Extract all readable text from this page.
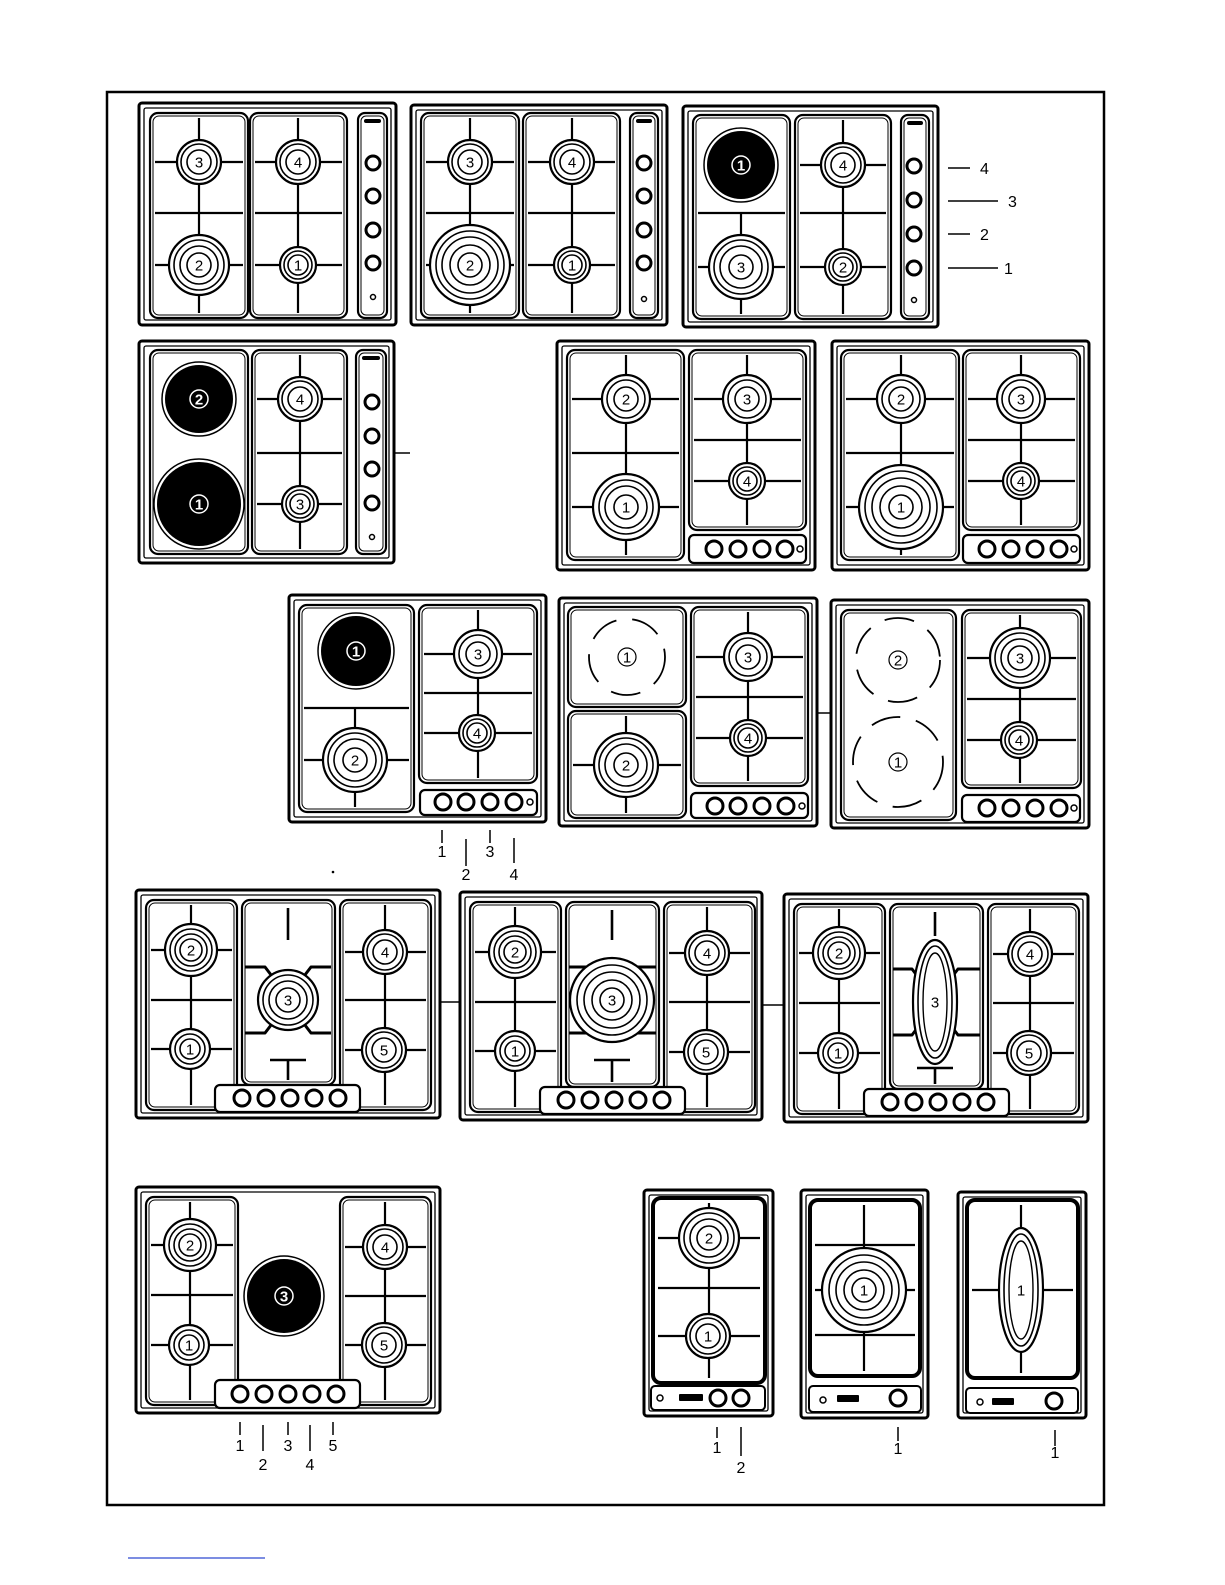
3	4
2	1
3	4
2	1
1	4
3	2
4
3
2
1
2
1
4
3
2	3
1
4
2	3
1
4
1
2
3
4
1
2
3
4
1
2
3
4
2
1
3
4
2
1
3
4
5
2
1
3
4
5
2
1
3
4
5
2
1
3
4
5
1
2
3
4
5
2
1
1
2
1
1
1
1
